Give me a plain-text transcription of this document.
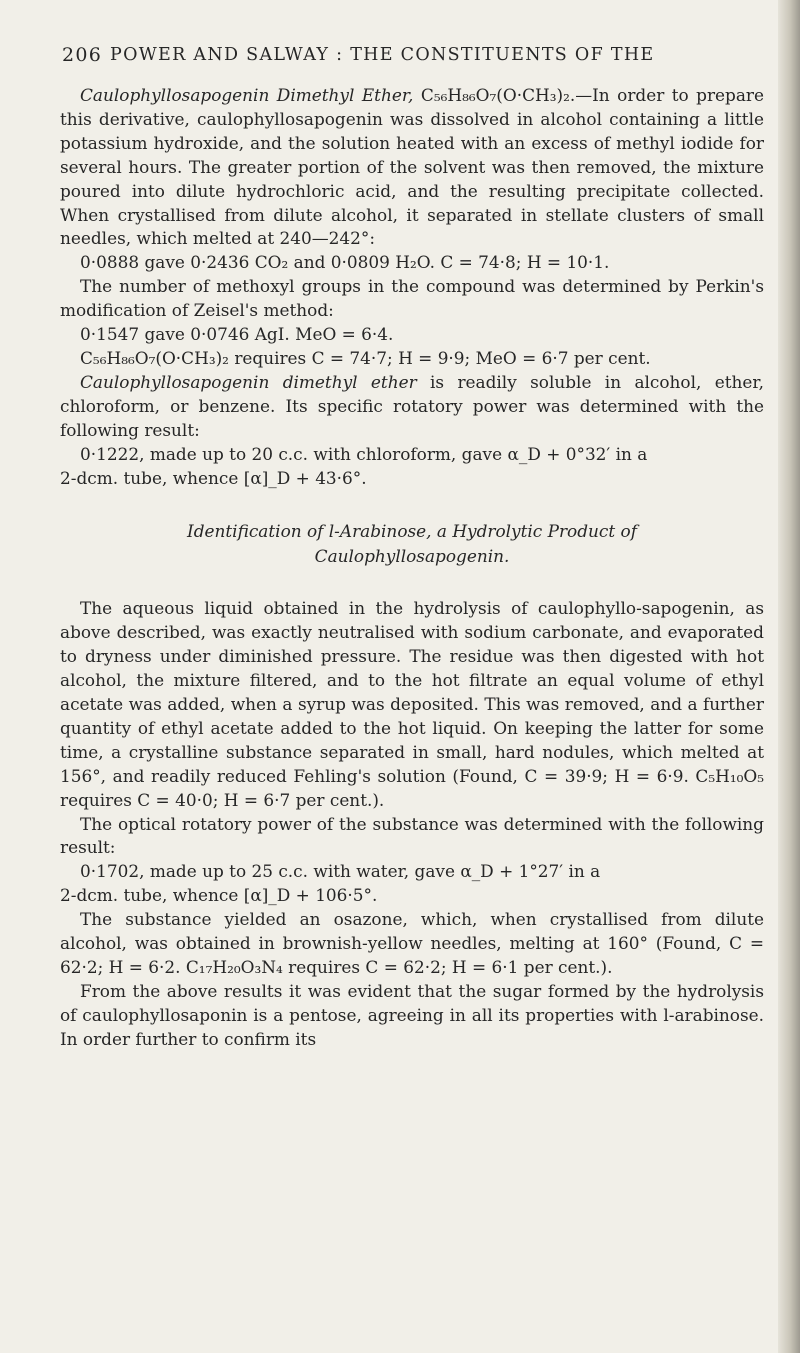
206 POWER AND SALWAY : THE CONSTITUENTS OF THE

Caulophyllosapogenin Dimethyl Ether, C₅₆H₈₆O₇(O·CH₃)₂.—In order to prepare this derivative, caulophyllosapogenin was dissolved in alcohol containing a little potassium hydroxide, and the solution heated with an excess of methyl iodide for several hours. The greater portion of the solvent was then removed, the mixture poured into dilute hydrochloric acid, and the resulting precipitate collected. When crystallised from dilute alcohol, it separated in stellate clusters of small needles, which melted at 240—242°:

0·0888 gave 0·2436 CO₂ and 0·0809 H₂O. C = 74·8; H = 10·1.

The number of methoxyl groups in the compound was determined by Perkin's modification of Zeisel's method:

0·1547 gave 0·0746 AgI. MeO = 6·4.

C₅₆H₈₆O₇(O·CH₃)₂ requires C = 74·7; H = 9·9; MeO = 6·7 per cent.

Caulophyllosapogenin dimethyl ether is readily soluble in alcohol, ether, chloroform, or benzene. Its specific rotatory power was determined with the following result:

0·1222, made up to 20 c.c. with chloroform, gave α_D + 0°32′ in a

2-dcm. tube, whence [α]_D + 43·6°.

Identification of l-Arabinose, a Hydrolytic Product of
Caulophyllosapogenin.

The aqueous liquid obtained in the hydrolysis of caulophyllo-sapogenin, as above described, was exactly neutralised with sodium carbonate, and evaporated to dryness under diminished pressure. The residue was then digested with hot alcohol, the mixture filtered, and to the hot filtrate an equal volume of ethyl acetate was added, when a syrup was deposited. This was removed, and a further quantity of ethyl acetate added to the hot liquid. On keeping the latter for some time, a crystalline substance separated in small, hard nodules, which melted at 156°, and readily reduced Fehling's solution (Found, C = 39·9; H = 6·9. C₅H₁₀O₅ requires C = 40·0; H = 6·7 per cent.).

The optical rotatory power of the substance was determined with the following result:

0·1702, made up to 25 c.c. with water, gave α_D + 1°27′ in a

2-dcm. tube, whence [α]_D + 106·5°.

The substance yielded an osazone, which, when crystallised from dilute alcohol, was obtained in brownish-yellow needles, melting at 160° (Found, C = 62·2; H = 6·2. C₁₇H₂₀O₃N₄ requires C = 62·2; H = 6·1 per cent.).

From the above results it was evident that the sugar formed by the hydrolysis of caulophyllosaponin is a pentose, agreeing in all its properties with l-arabinose. In order further to confirm its
